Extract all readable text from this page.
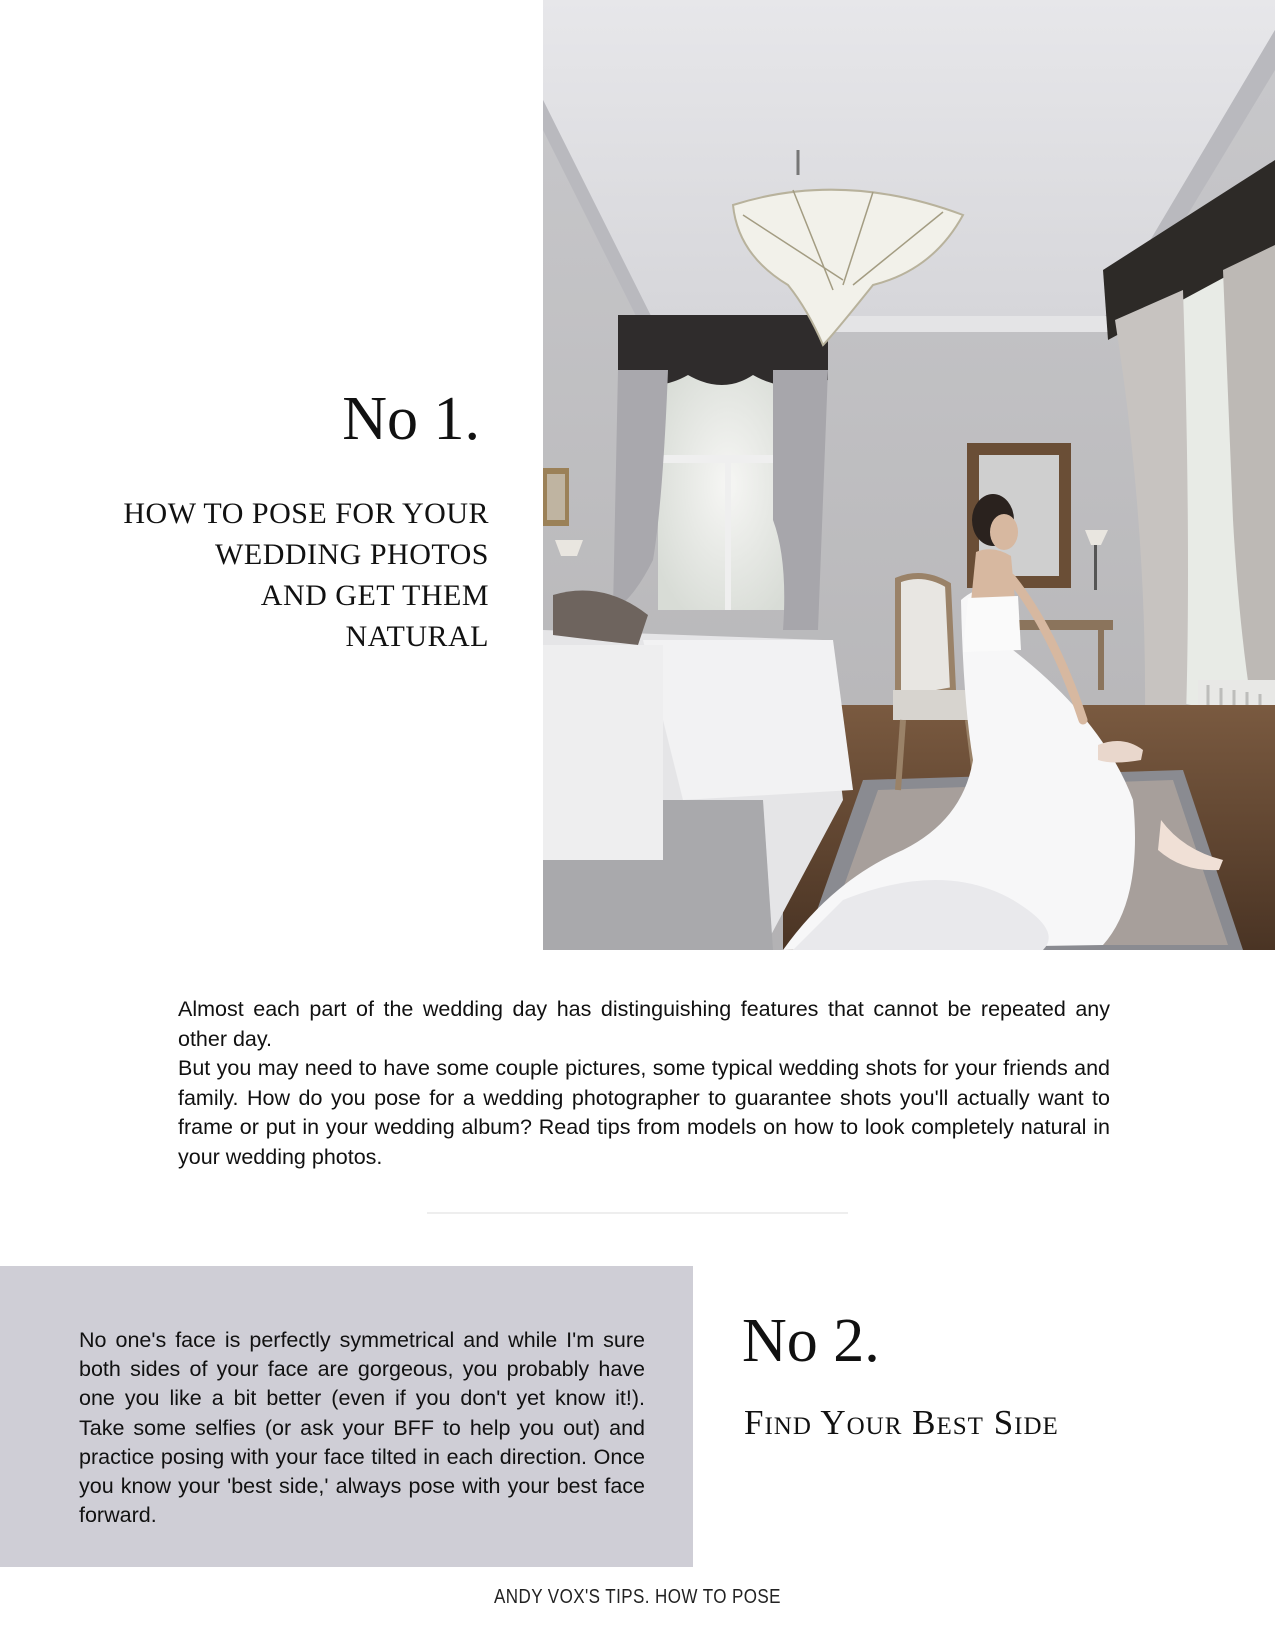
No 1.
HOW TO POSE FOR YOUR
WEDDING PHOTOS
AND GET THEM
NATURAL

Almost each part of the wedding day has distinguishing features that cannot be repeated any other day.

But you may need to have some couple pictures, some typical wedding shots for your friends and family. How do you pose for a wedding photographer to guarantee shots you'll actually want to frame or put in your wedding album? Read tips from models on how to look completely natural in your wedding photos.

No one's face is perfectly symmetrical and while I'm sure both sides of your face are gorgeous, you probably have one you like a bit better (even if you don't yet know it!). Take some selfies (or ask your BFF to help you out) and practice posing with your face tilted in each direction. Once you know your 'best side,' always pose with your best face forward.
No 2.
Find Your Best Side
ANDY VOX'S TIPS. HOW TO POSE
